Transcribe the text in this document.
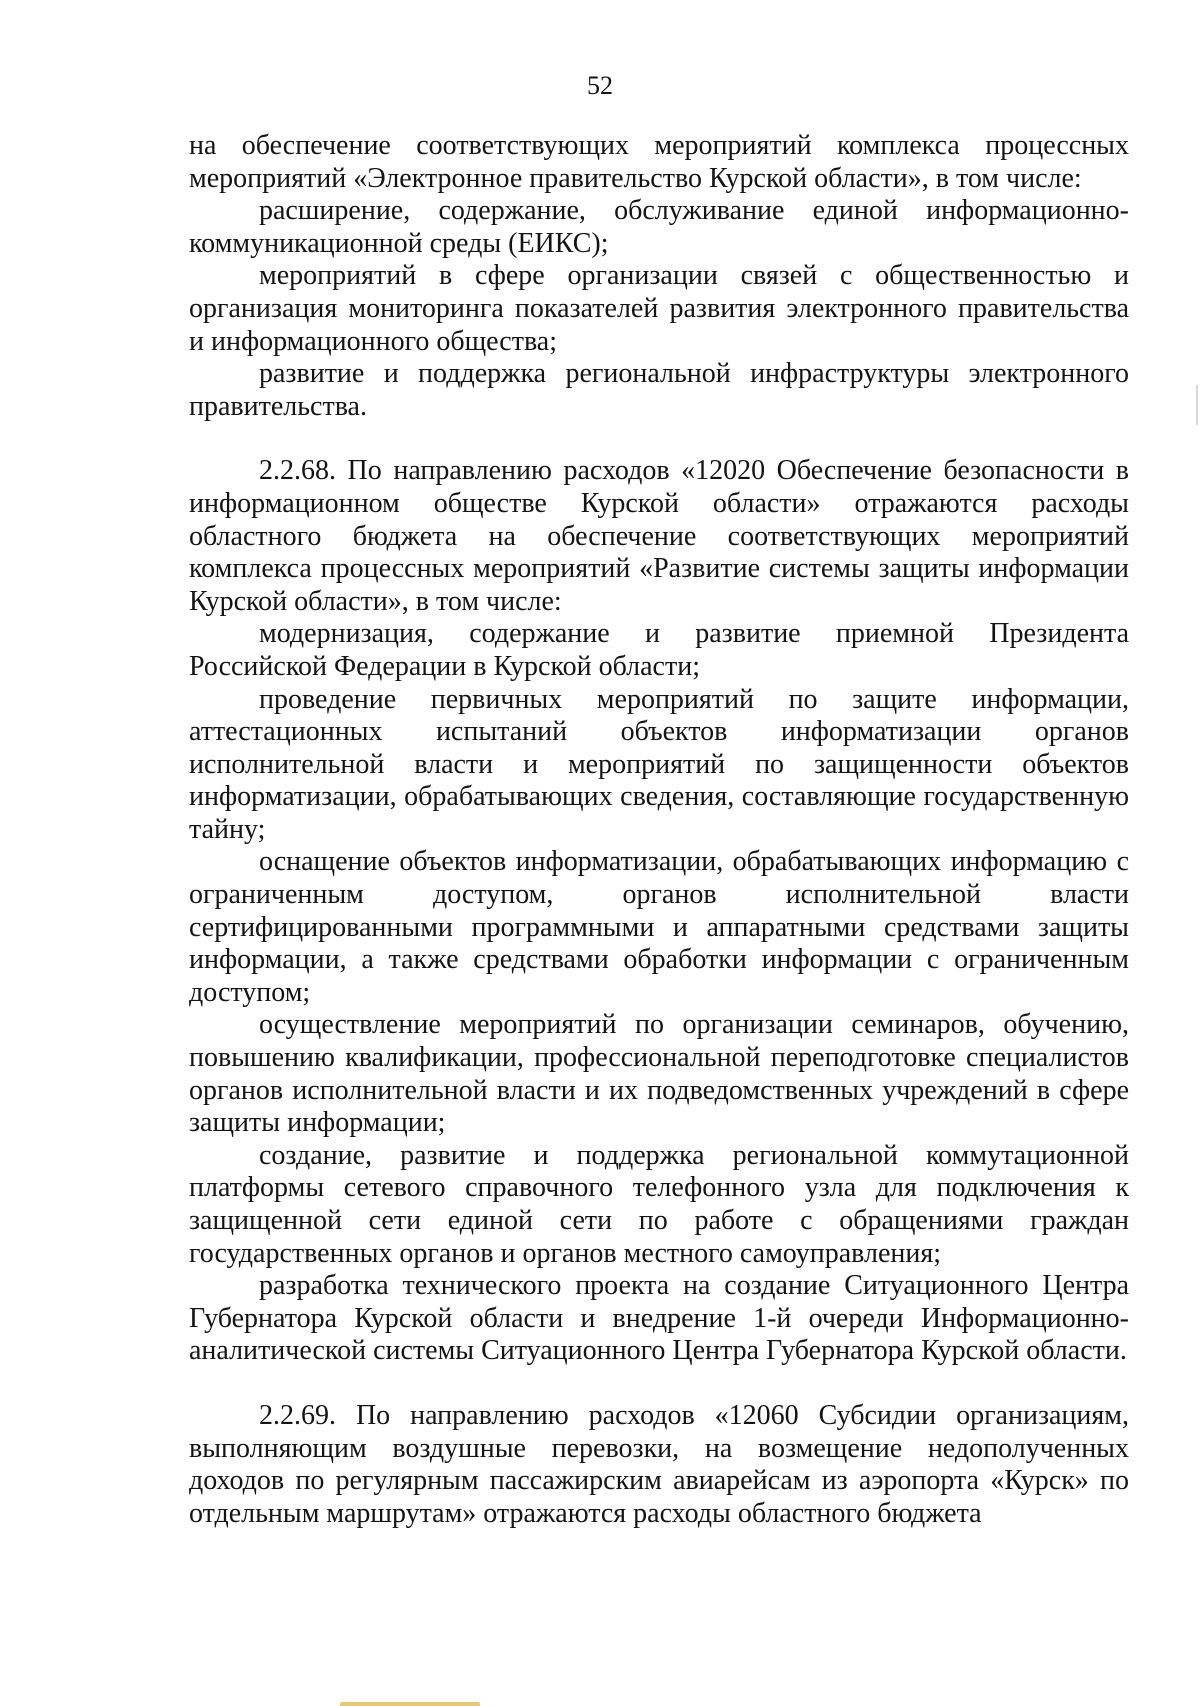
52

на обеспечение соответствующих мероприятий комплекса процессных мероприятий «Электронное правительство Курской области», в том числе:

расширение, содержание, обслуживание единой информационно-коммуникационной среды (ЕИКС);

мероприятий в сфере организации связей с общественностью и организация мониторинга показателей развития электронного правительства и информационного общества;

развитие и поддержка региональной инфраструктуры электронного правительства.

2.2.68. По направлению расходов «12020 Обеспечение безопасности в информационном обществе Курской области» отражаются расходы областного бюджета на обеспечение соответствующих мероприятий комплекса процессных мероприятий «Развитие системы защиты информации Курской области», в том числе:

модернизация, содержание и развитие приемной Президента Российской Федерации в Курской области;

проведение первичных мероприятий по защите информации, аттестационных испытаний объектов информатизации органов исполнительной власти и мероприятий по защищенности объектов информатизации, обрабатывающих сведения, составляющие государственную тайну;

оснащение объектов информатизации, обрабатывающих информацию с ограниченным доступом, органов исполнительной власти сертифицированными программными и аппаратными средствами защиты информации, а также средствами обработки информации с ограниченным доступом;

осуществление мероприятий по организации семинаров, обучению, повышению квалификации, профессиональной переподготовке специалистов органов исполнительной власти и их подведомственных учреждений в сфере защиты информации;

создание, развитие и поддержка региональной коммутационной платформы сетевого справочного телефонного узла для подключения к защищенной сети единой сети по работе с обращениями граждан государственных органов и органов местного самоуправления;

разработка технического проекта на создание Ситуационного Центра Губернатора Курской области и внедрение 1-й очереди Информационно-аналитической системы Ситуационного Центра Губернатора Курской области.

2.2.69. По направлению расходов «12060 Субсидии организациям, выполняющим воздушные перевозки, на возмещение недополученных доходов по регулярным пассажирским авиарейсам из аэропорта «Курск» по отдельным маршрутам» отражаются расходы областного бюджета
